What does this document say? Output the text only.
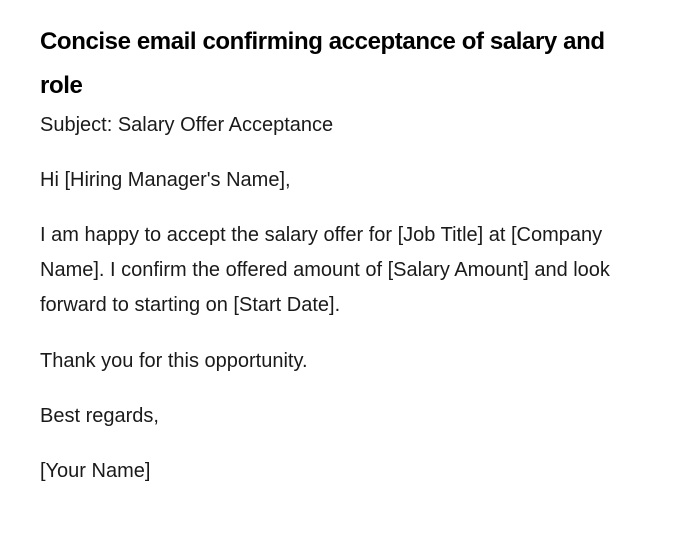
Concise email confirming acceptance of salary and role

Subject: Salary Offer Acceptance

Hi [Hiring Manager's Name],

I am happy to accept the salary offer for [Job Title] at [Company Name]. I confirm the offered amount of [Salary Amount] and look forward to starting on [Start Date].

Thank you for this opportunity.

Best regards,

[Your Name]
